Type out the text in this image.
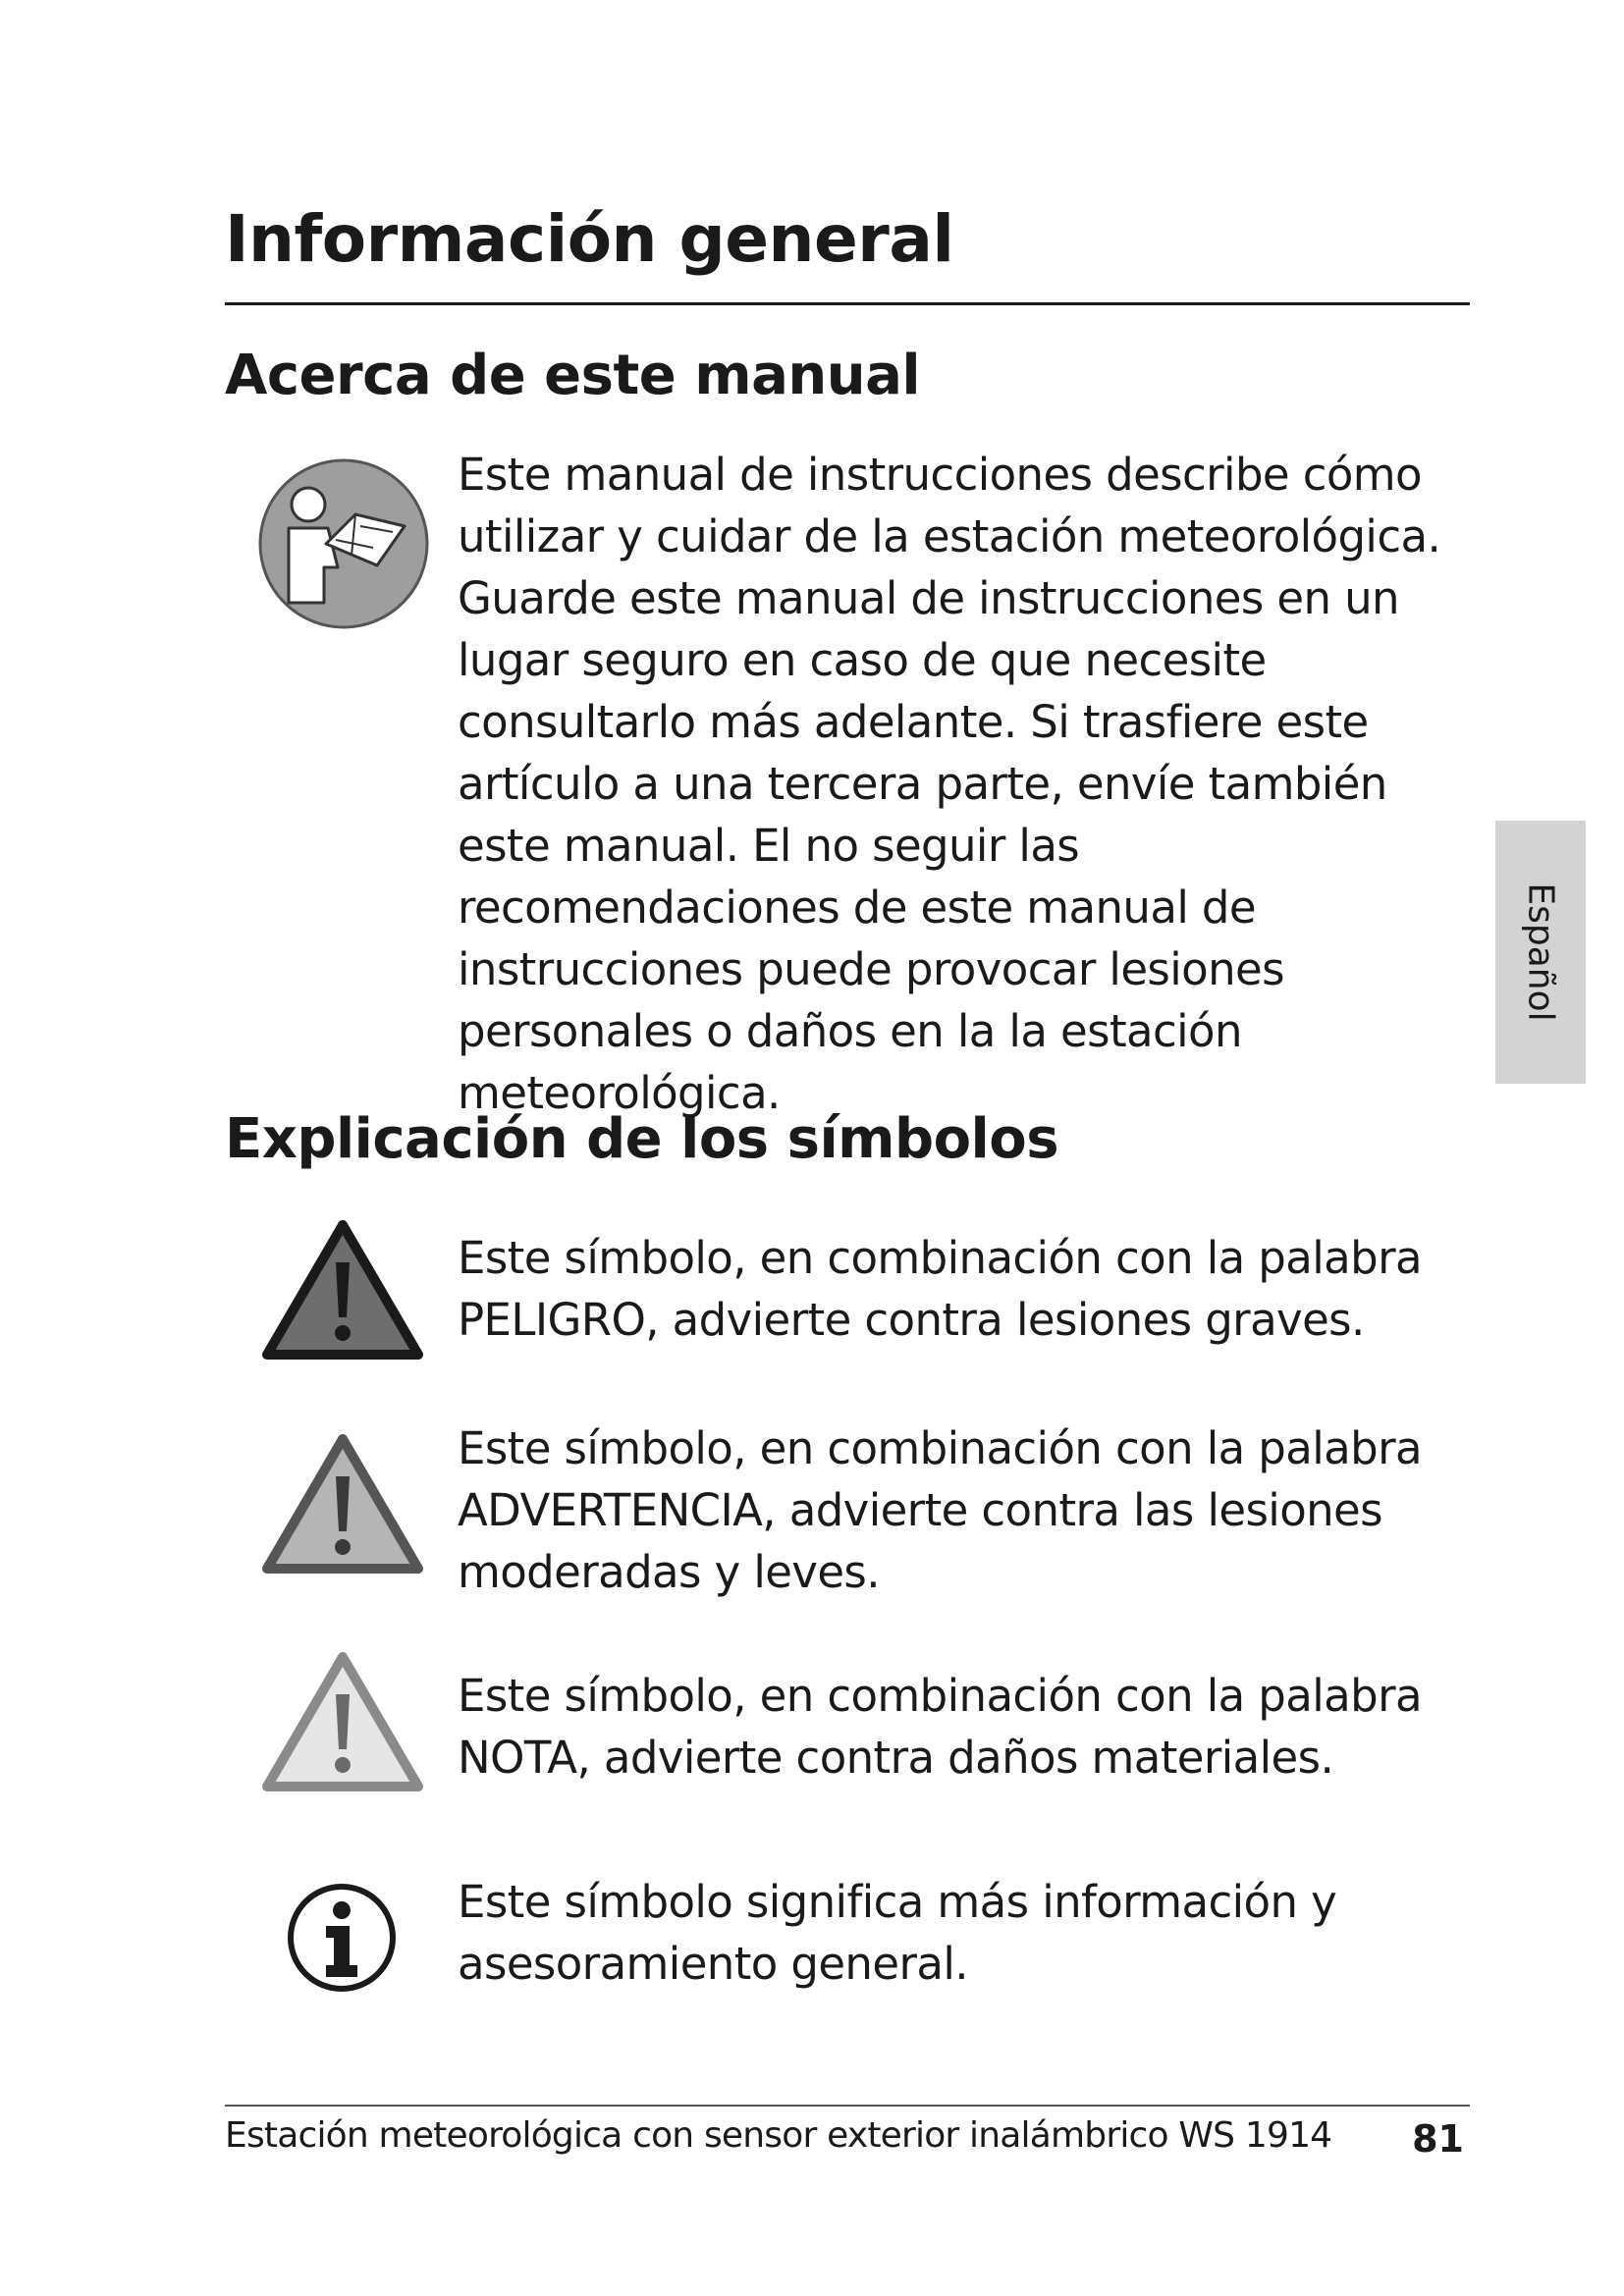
Información general
Acerca de este manual

Este manual de instrucciones describe cómo utilizar y cuidar de la estación meteorológica. Guarde este manual de instrucciones en un lugar seguro en caso de que necesite consultarlo más adelante. Si trasfiere este artículo a una tercera parte, envíe también este manual. El no seguir las recomendaciones de este manual de instrucciones puede provocar lesiones personales o daños en la la estación meteorológica.

Español
Explicación de los símbolos

Este símbolo, en combinación con la palabra PELIGRO, advierte contra lesiones graves.

Este símbolo, en combinación con la palabra ADVERTENCIA, advierte contra las lesiones moderadas y leves.

Este símbolo, en combinación con la palabra NOTA, advierte contra daños materiales.

Este símbolo significa más información y asesoramiento general.

Estación meteorológica con sensor exterior inalámbrico WS 1914 81
